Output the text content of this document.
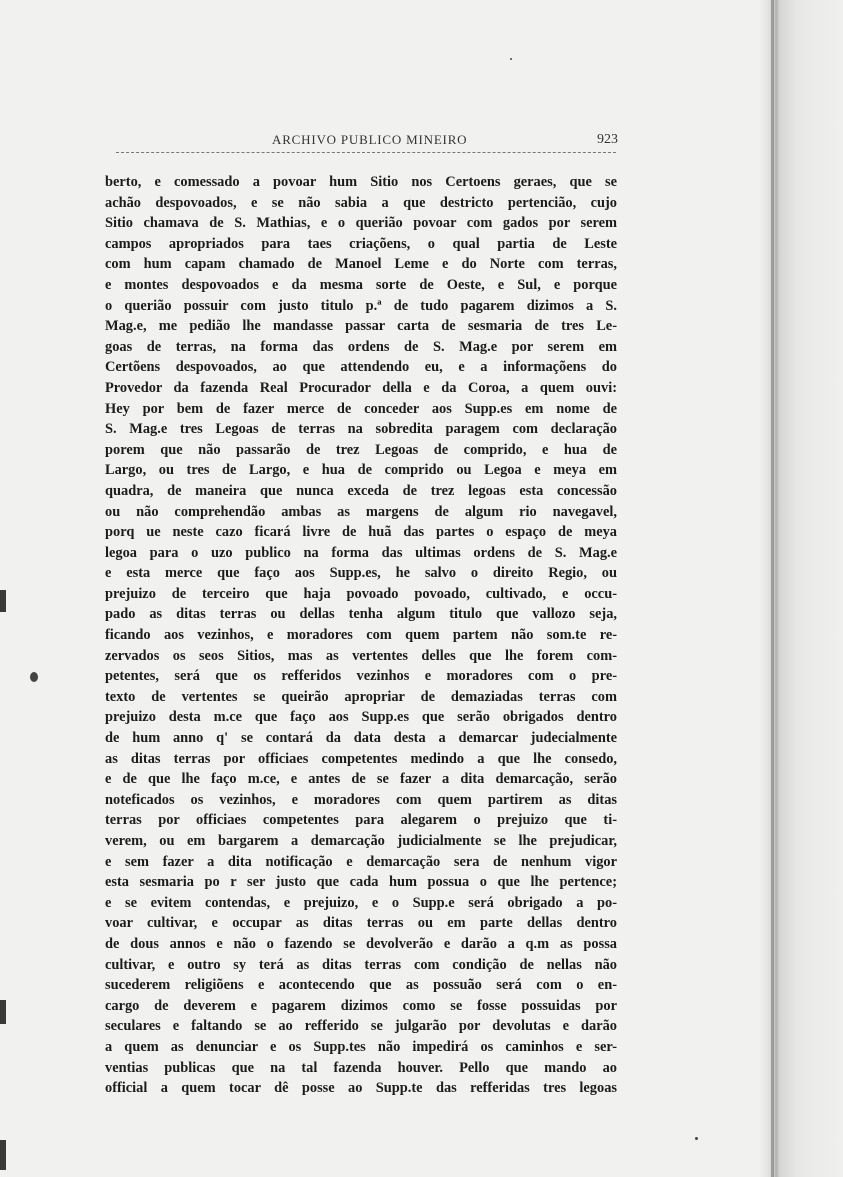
ARCHIVO PUBLICO MINEIRO	923
berto, e comessado a povoar hum Sitio nos Certoens geraes, que se
achão despovoados, e se não sabia a que destricto pertencião, cujo
Sitio chamava de S. Mathias, e o querião povoar com gados por serem
campos apropriados para taes criaçõens, o qual partia de Leste
com hum capam chamado de Manoel Leme e do Norte com terras,
e montes despovoados e da mesma sorte de Oeste, e Sul, e porque
o querião possuir com justo titulo p.ª de tudo pagarem dizimos a S.
Mag.e, me pedião lhe mandasse passar carta de sesmaria de tres Le-
goas de terras, na forma das ordens de S. Mag.e por serem em
Certõens despovoados, ao que attendendo eu, e a informaçõens do
Provedor da fazenda Real Procurador della e da Coroa, a quem ouvi:
Hey por bem de fazer merce de conceder aos Supp.es em nome de
S. Mag.e tres Legoas de terras na sobredita paragem com declaração
porem que não passarão de trez Legoas de comprido, e hua de
Largo, ou tres de Largo, e hua de comprido ou Legoa e meya em
quadra, de maneira que nunca exceda de trez legoas esta concessão
ou não comprehendão ambas as margens de algum rio navegavel,
porq ue neste cazo ficará livre de huã das partes o espaço de meya
legoa para o uzo publico na forma das ultimas ordens de S. Mag.e
e esta merce que faço aos Supp.es, he salvo o direito Regio, ou
prejuizo de terceiro que haja povoado povoado, cultivado, e occu-
pado as ditas terras ou dellas tenha algum titulo que vallozo seja,
ficando aos vezinhos, e moradores com quem partem não som.te re-
zervados os seos Sitios, mas as vertentes delles que lhe forem com-
petentes, será que os refferidos vezinhos e moradores com o pre-
texto de vertentes se queirão apropriar de demaziadas terras com
prejuizo desta m.ce que faço aos Supp.es que serão obrigados dentro
de hum anno q' se contará da data desta a demarcar judecialmente
as ditas terras por officiaes competentes medindo a que lhe consedo,
e de que lhe faço m.ce, e antes de se fazer a dita demarcação, serão
noteficados os vezinhos, e moradores com quem partirem as ditas
terras por officiaes competentes para alegarem o prejuizo que ti-
verem, ou em bargarem a demarcação judicialmente se lhe prejudicar,
e sem fazer a dita notificação e demarcação sera de nenhum vigor
esta sesmaria po r ser justo que cada hum possua o que lhe pertence;
e se evitem contendas, e prejuizo, e o Supp.e será obrigado a po-
voar cultivar, e occupar as ditas terras ou em parte dellas dentro
de dous annos e não o fazendo se devolverão e darão a q.m as possa
cultivar, e outro sy terá as ditas terras com condição de nellas não
sucederem religiõens e acontecendo que as possuão será com o en-
cargo de deverem e pagarem dizimos como se fosse possuidas por
seculares e faltando se ao refferido se julgarão por devolutas e darão
a quem as denunciar e os Supp.tes não impedirá os caminhos e ser-
ventias publicas que na tal fazenda houver. Pello que mando ao
official a quem tocar dê posse ao Supp.te das refferidas tres legoas
